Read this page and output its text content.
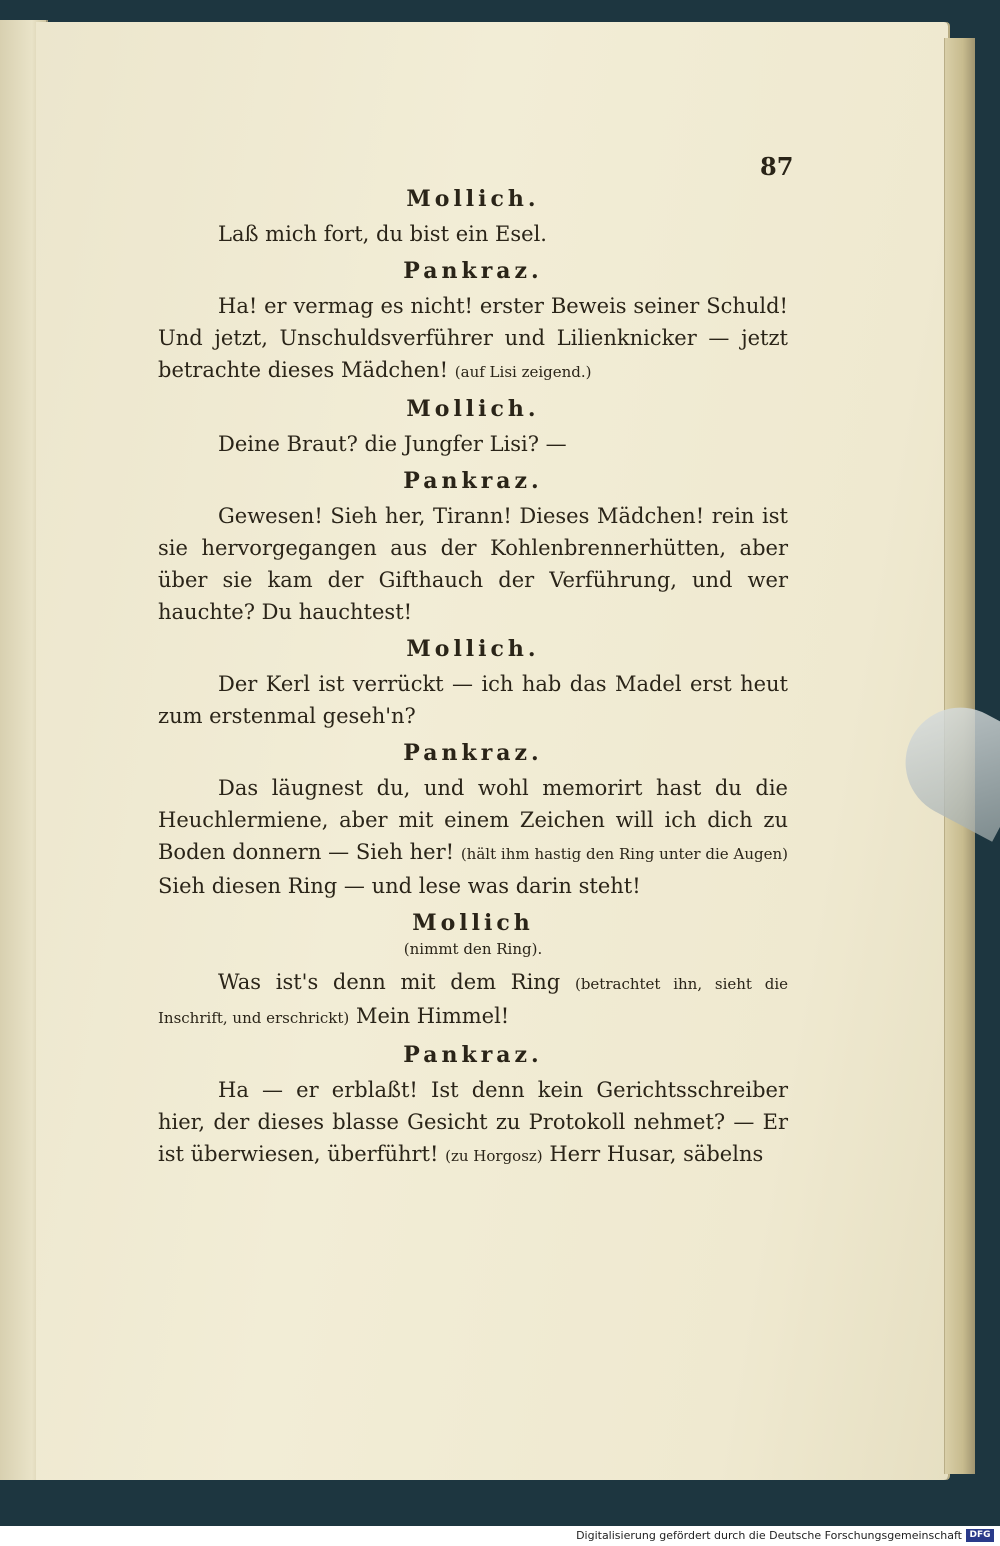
87

Mollich.

Laß mich fort, du bist ein Esel.

Pankraz.

Ha! er vermag es nicht! erster Beweis seiner Schuld! Und jetzt, Unschuldsverführer und Lilienknicker — jetzt betrachte dieses Mädchen! (auf Lisi zeigend.)

Mollich.

Deine Braut? die Jungfer Lisi? —

Pankraz.

Gewesen! Sieh her, Tirann! Dieses Mädchen! rein ist sie hervorgegangen aus der Kohlenbrennerhütten, aber über sie kam der Gifthauch der Verführung, und wer hauchte? Du hauchtest!

Mollich.

Der Kerl ist verrückt — ich hab das Madel erst heut zum erstenmal geseh'n?

Pankraz.

Das läugnest du, und wohl memorirt hast du die Heuchlermiene, aber mit einem Zeichen will ich dich zu Boden donnern — Sieh her! (hält ihm hastig den Ring unter die Augen) Sieh diesen Ring — und lese was darin steht!

Mollich
(nimmt den Ring).

Was ist's denn mit dem Ring (betrachtet ihn, sieht die Inschrift, und erschrickt) Mein Himmel!

Pankraz.

Ha — er erblaßt! Ist denn kein Gerichtsschreiber hier, der dieses blasse Gesicht zu Protokoll nehmet? — Er ist überwiesen, überführt! (zu Horgosz) Herr Husar, säbelns

Digitalisierung gefördert durch die Deutsche Forschungsgemeinschaft DFG
